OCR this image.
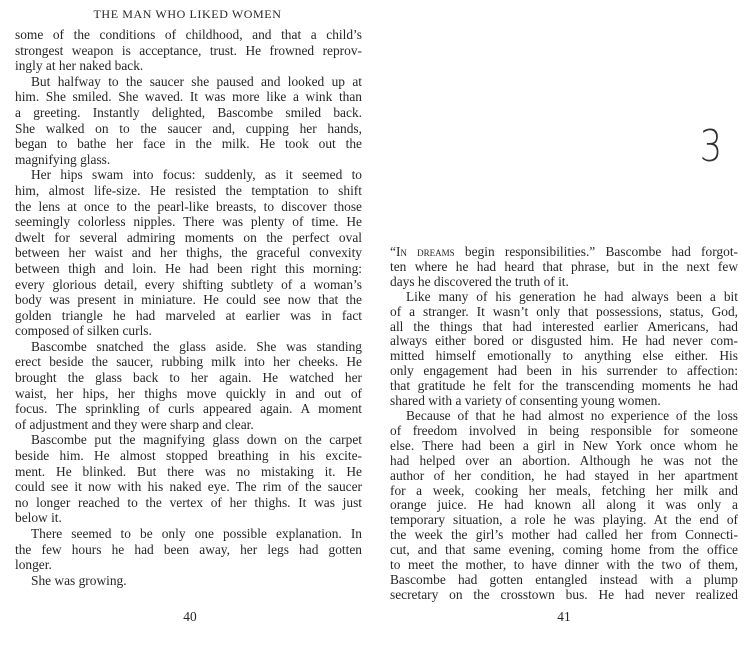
THE MAN WHO LIKED WOMEN
some of the conditions of childhood, and that a child’s
strongest weapon is acceptance, trust. He frowned reprov-
ingly at her naked back.
But halfway to the saucer she paused and looked up at
him. She smiled. She waved. It was more like a wink than
a greeting. Instantly delighted, Bascombe smiled back.
She walked on to the saucer and, cupping her hands,
began to bathe her face in the milk. He took out the
magnifying glass.
Her hips swam into focus: suddenly, as it seemed to
him, almost life-size. He resisted the temptation to shift
the lens at once to the pearl-like breasts, to discover those
seemingly colorless nipples. There was plenty of time. He
dwelt for several admiring moments on the perfect oval
between her waist and her thighs, the graceful convexity
between thigh and loin. He had been right this morning:
every glorious detail, every shifting subtlety of a woman’s
body was present in miniature. He could see now that the
golden triangle he had marveled at earlier was in fact
composed of silken curls.
Bascombe snatched the glass aside. She was standing
erect beside the saucer, rubbing milk into her cheeks. He
brought the glass back to her again. He watched her
waist, her hips, her thighs move quickly in and out of
focus. The sprinkling of curls appeared again. A moment
of adjustment and they were sharp and clear.
Bascombe put the magnifying glass down on the carpet
beside him. He almost stopped breathing in his excite-
ment. He blinked. But there was no mistaking it. He
could see it now with his naked eye. The rim of the saucer
no longer reached to the vertex of her thighs. It was just
below it.
There seemed to be only one possible explanation. In
the few hours he had been away, her legs had gotten
longer.
She was growing.
40
3
“In dreams begin responsibilities.” Bascombe had forgot-
ten where he had heard that phrase, but in the next few
days he discovered the truth of it.
Like many of his generation he had always been a bit
of a stranger. It wasn’t only that possessions, status, God,
all the things that had interested earlier Americans, had
always either bored or disgusted him. He had never com-
mitted himself emotionally to anything else either. His
only engagement had been in his surrender to affection:
that gratitude he felt for the transcending moments he had
shared with a variety of consenting young women.
Because of that he had almost no experience of the loss
of freedom involved in being responsible for someone
else. There had been a girl in New York once whom he
had helped over an abortion. Although he was not the
author of her condition, he had stayed in her apartment
for a week, cooking her meals, fetching her milk and
orange juice. He had known all along it was only a
temporary situation, a role he was playing. At the end of
the week the girl’s mother had called her from Connecti-
cut, and that same evening, coming home from the office
to meet the mother, to have dinner with the two of them,
Bascombe had gotten entangled instead with a plump
secretary on the crosstown bus. He had never realized
41
